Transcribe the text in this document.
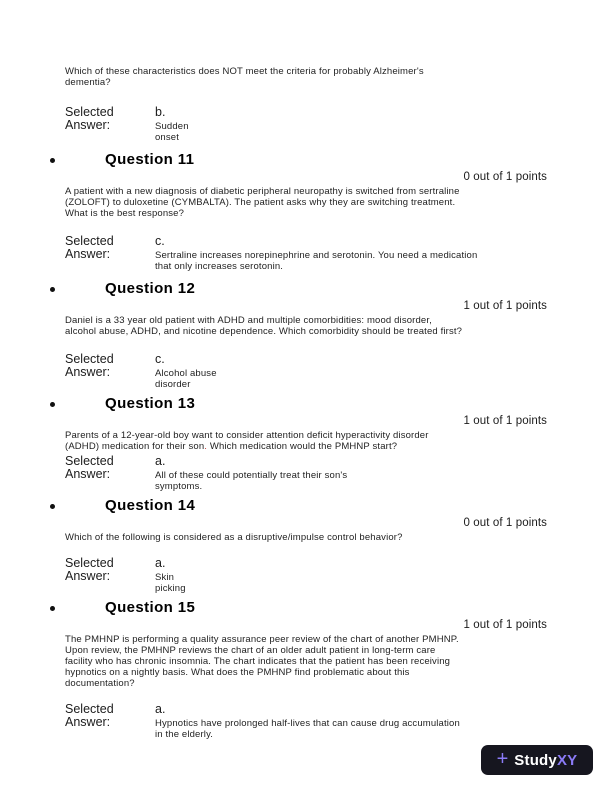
Which of these characteristics does NOT meet the criteria for probably Alzheimer's
dementia?
Selected
Answer:
b.
Sudden
onset
Question 11
0 out of 1 points
A patient with a new diagnosis of diabetic peripheral neuropathy is switched from sertraline
(ZOLOFT) to duloxetine (CYMBALTA). The patient asks why they are switching treatment.
What is the best response?
Selected
Answer:
c.
Sertraline increases norepinephrine and serotonin. You need a medication
that only increases serotonin.
Question 12
1 out of 1 points
Daniel is a 33 year old patient with ADHD and multiple comorbidities: mood disorder,
alcohol abuse, ADHD, and nicotine dependence. Which comorbidity should be treated first?
Selected
Answer:
c.
Alcohol abuse
disorder
Question 13
1 out of 1 points
Parents of a 12-year-old boy want to consider attention deficit hyperactivity disorder
(ADHD) medication for their son. Which medication would the PMHNP start?
Selected
Answer:
a.
All of these could potentially treat their son's
symptoms.
Question 14
0 out of 1 points
Which of the following is considered as a disruptive/impulse control behavior?
Selected
Answer:
a.
Skin
picking
Question 15
1 out of 1 points
The PMHNP is performing a quality assurance peer review of the chart of another PMHNP.
Upon review, the PMHNP reviews the chart of an older adult patient in long-term care
facility who has chronic insomnia. The chart indicates that the patient has been receiving
hypnotics on a nightly basis. What does the PMHNP find problematic about this
documentation?
Selected
Answer:
a.
Hypnotics have prolonged half-lives that can cause drug accumulation
in the elderly.
+ StudyXY
